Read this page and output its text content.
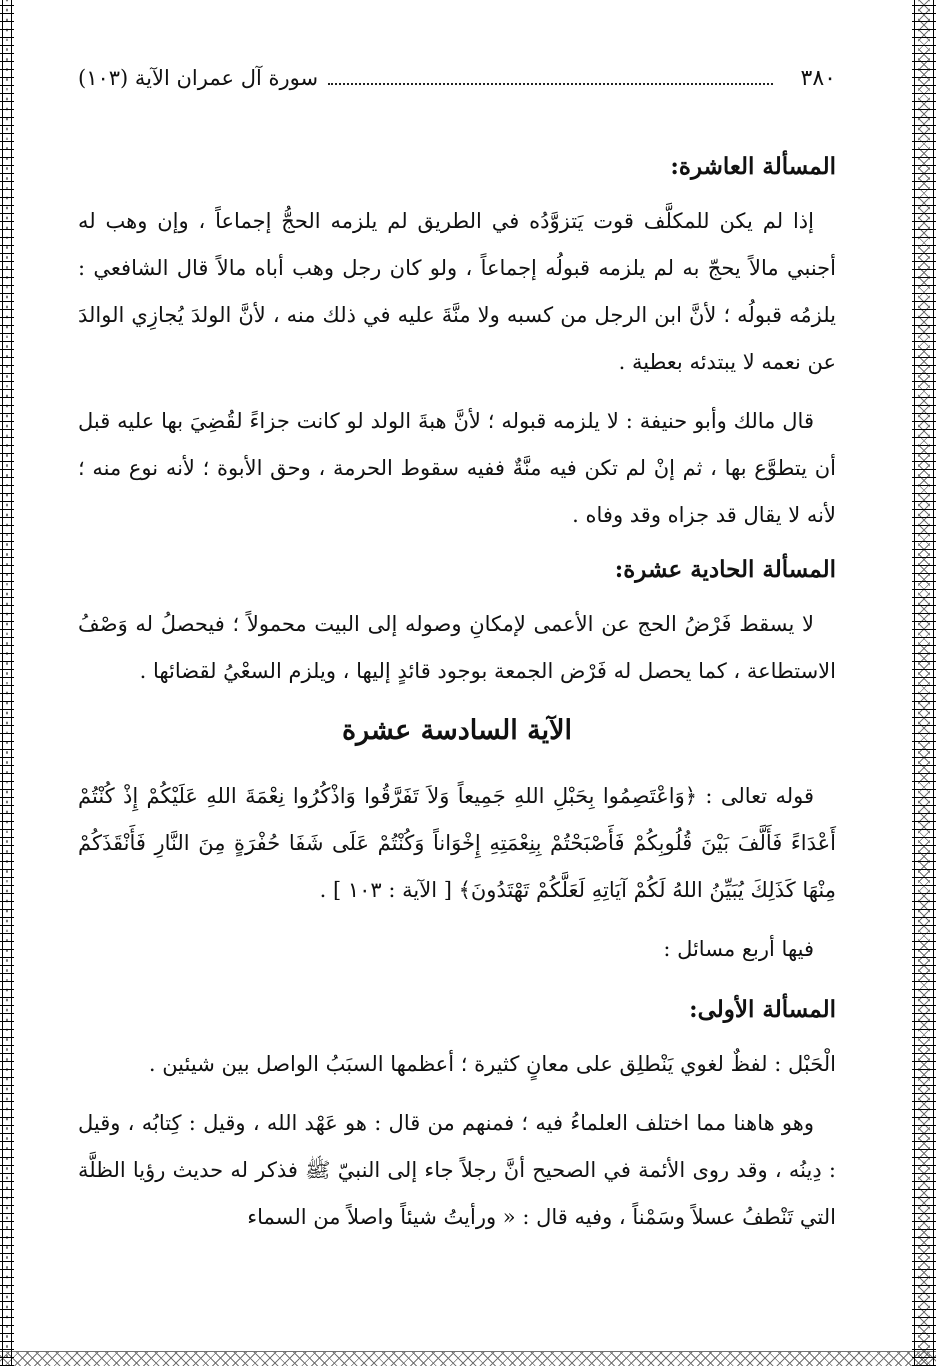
٣٨٠
سورة آل عمران الآية (١٠٣)
المسألة العاشرة:

إذا لم يكن للمكلَّف قوت يَتزوَّدُه في الطريق لم يلزمه الحجُّ إجماعاً ، وإن وهب له أجنبي مالاً يحجّ به لم يلزمه قبولُه إجماعاً ، ولو كان رجل وهب أباه مالاً قال الشافعي : يلزمُه قبولُه ؛ لأنَّ ابن الرجل من كسبه ولا منَّةَ عليه في ذلك منه ، لأنَّ الولدَ يُجازِي الوالدَ عن نعمه لا يبتدئه بعطية .

قال مالك وأبو حنيفة : لا يلزمه قبوله ؛ لأنَّ هبةَ الولد لو كانت جزاءً لقُضِيَ بها عليه قبل أن يتطوَّع بها ، ثم إنْ لم تكن فيه منَّةٌ ففيه سقوط الحرمة ، وحق الأبوة ؛ لأنه نوع منه ؛ لأنه لا يقال قد جزاه وقد وفاه .

المسألة الحادية عشرة:

لا يسقط فَرْضُ الحج عن الأعمى لإمكانِ وصوله إلى البيت محمولاً ؛ فيحصلُ له وَصْفُ الاستطاعة ، كما يحصل له فَرْض الجمعة بوجود قائدٍ إليها ، ويلزم السعْيُ لقضائها .

الآية السادسة عشرة

قوله تعالى : ﴿وَاعْتَصِمُوا بِحَبْلِ اللهِ جَمِيعاً وَلاَ تَفَرَّقُوا وَاذْكُرُوا نِعْمَةَ اللهِ عَلَيْكُمْ إِذْ كُنْتُمْ أَعْدَاءً فَأَلَّفَ بَيْنَ قُلُوبِكُمْ فَأَصْبَحْتُمْ بِنِعْمَتِهِ إِخْوَاناً وَكُنْتُمْ عَلَى شَفَا حُفْرَةٍ مِنَ النَّارِ فَأَنْقَذَكُمْ مِنْهَا كَذَلِكَ يُبَيِّنُ اللهُ لَكُمْ آيَاتِهِ لَعَلَّكُمْ تَهْتَدُونَ﴾ [ الآية : ١٠٣ ] .

فيها أربع مسائل :

المسألة الأولى:

الْحَبْل : لفظٌ لغوي يَنْطلِق على معانٍ كثيرة ؛ أعظمها السبَبُ الواصل بين شيئين .

وهو هاهنا مما اختلف العلماءُ فيه ؛ فمنهم من قال : هو عَهْد الله ، وقيل : كِتابُه ، وقيل : دِينُه ، وقد روى الأئمة في الصحيح أنَّ رجلاً جاء إلى النبيّ ﷺ فذكر له حديث رؤيا الظلَّة التي تَنْطفُ عسلاً وسَمْناً ، وفيه قال : « ورأيتُ شيئاً واصلاً من السماء
